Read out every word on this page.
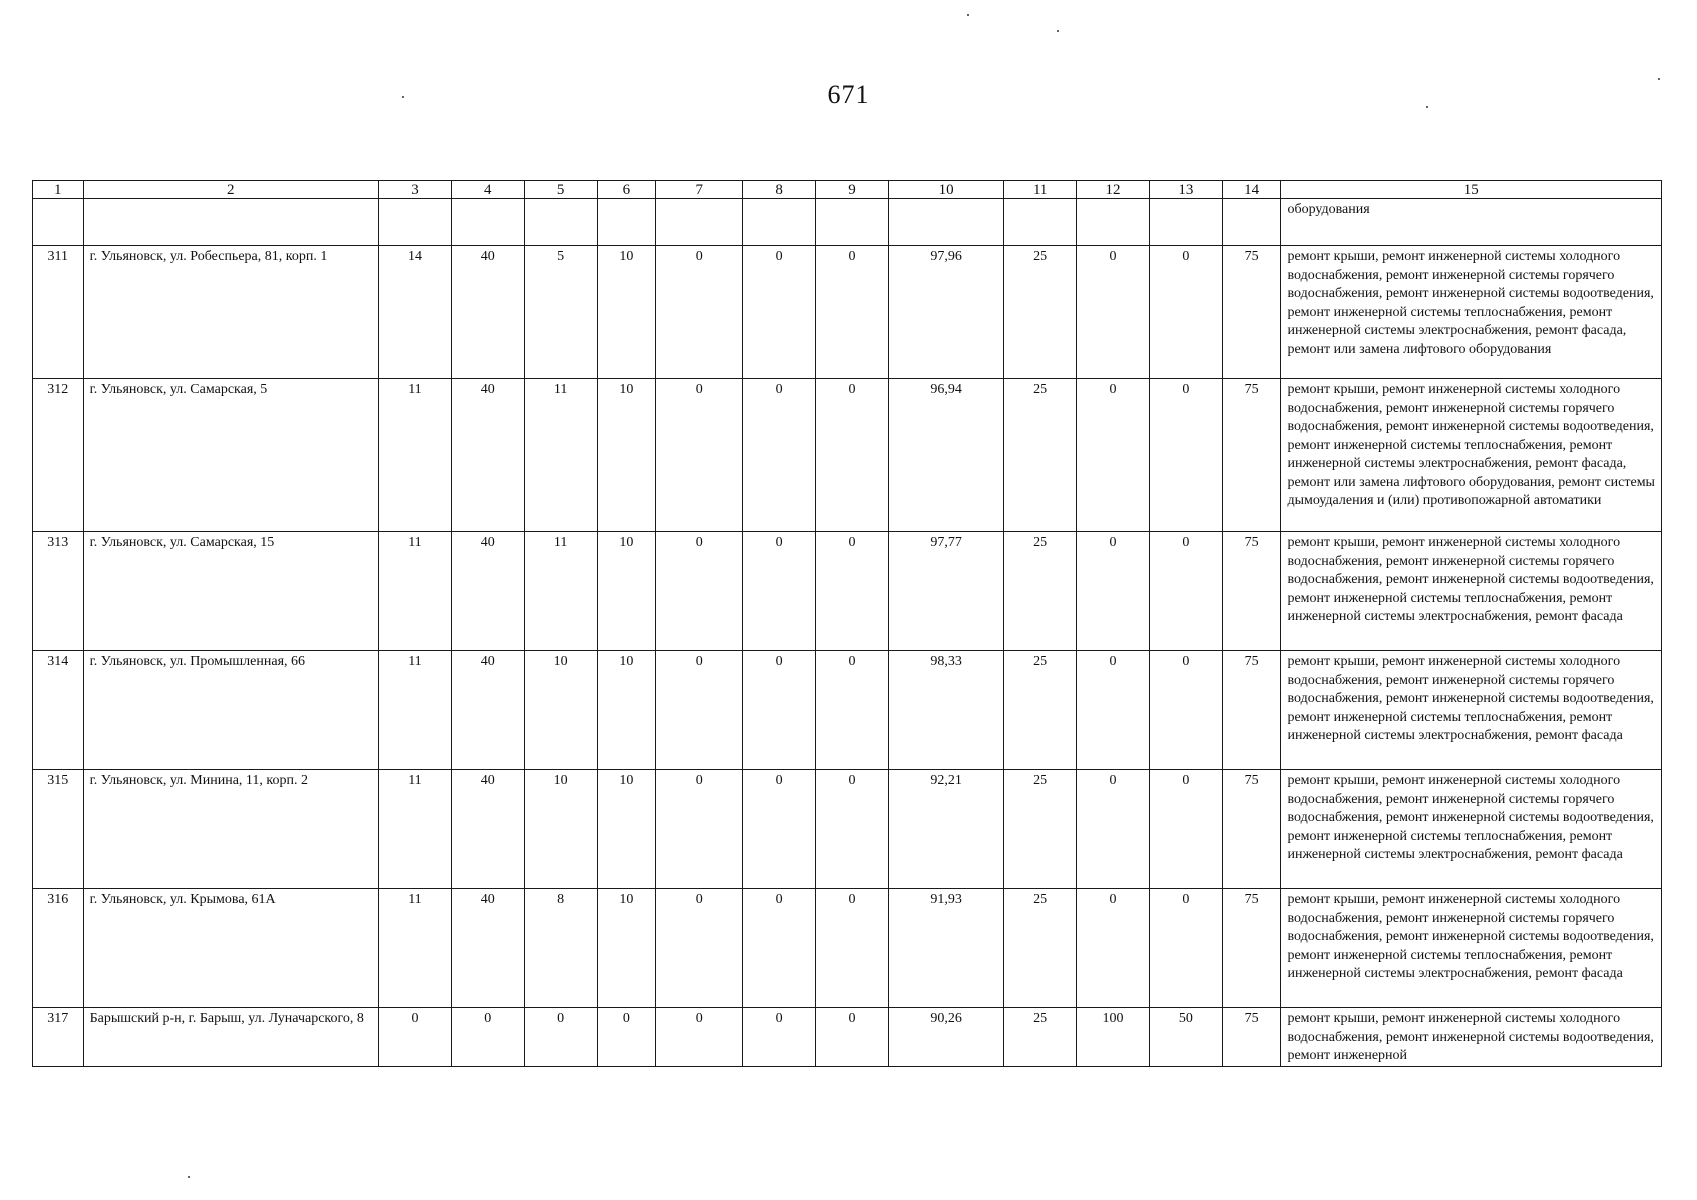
671
1	2	3	4	5	6	7	8	9	10	11	12	13	14	15
														оборудования
311	г. Ульяновск, ул. Робеспьера, 81, корп. 1	14	40	5	10	0	0	0	97,96	25	0	0	75	ремонт крыши, ремонт инженерной системы холодного водоснабжения, ремонт инженерной системы горячего водоснабжения, ремонт инженерной системы водоотведения, ремонт инженерной системы теплоснабжения, ремонт инженерной системы электроснабжения, ремонт фасада, ремонт или замена лифтового оборудования
312	г. Ульяновск, ул. Самарская, 5	11	40	11	10	0	0	0	96,94	25	0	0	75	ремонт крыши, ремонт инженерной системы холодного водоснабжения, ремонт инженерной системы горячего водоснабжения, ремонт инженерной системы водоотведения, ремонт инженерной системы теплоснабжения, ремонт инженерной системы электроснабжения, ремонт фасада, ремонт или замена лифтового оборудования, ремонт системы дымоудаления и (или) противопожарной автоматики
313	г. Ульяновск, ул. Самарская, 15	11	40	11	10	0	0	0	97,77	25	0	0	75	ремонт крыши, ремонт инженерной системы холодного водоснабжения, ремонт инженерной системы горячего водоснабжения, ремонт инженерной системы водоотведения, ремонт инженерной системы теплоснабжения, ремонт инженерной системы электроснабжения, ремонт фасада
314	г. Ульяновск, ул. Промышленная, 66	11	40	10	10	0	0	0	98,33	25	0	0	75	ремонт крыши, ремонт инженерной системы холодного водоснабжения, ремонт инженерной системы горячего водоснабжения, ремонт инженерной системы водоотведения, ремонт инженерной системы теплоснабжения, ремонт инженерной системы электроснабжения, ремонт фасада
315	г. Ульяновск, ул. Минина, 11, корп. 2	11	40	10	10	0	0	0	92,21	25	0	0	75	ремонт крыши, ремонт инженерной системы холодного водоснабжения, ремонт инженерной системы горячего водоснабжения, ремонт инженерной системы водоотведения, ремонт инженерной системы теплоснабжения, ремонт инженерной системы электроснабжения, ремонт фасада
316	г. Ульяновск, ул. Крымова, 61А	11	40	8	10	0	0	0	91,93	25	0	0	75	ремонт крыши, ремонт инженерной системы холодного водоснабжения, ремонт инженерной системы горячего водоснабжения, ремонт инженерной системы водоотведения, ремонт инженерной системы теплоснабжения, ремонт инженерной системы электроснабжения, ремонт фасада
317	Барышский р-н, г. Барыш, ул. Луначарского, 8	0	0	0	0	0	0	0	90,26	25	100	50	75	ремонт крыши, ремонт инженерной системы холодного водоснабжения, ремонт инженерной системы водоотведения, ремонт инженерной
